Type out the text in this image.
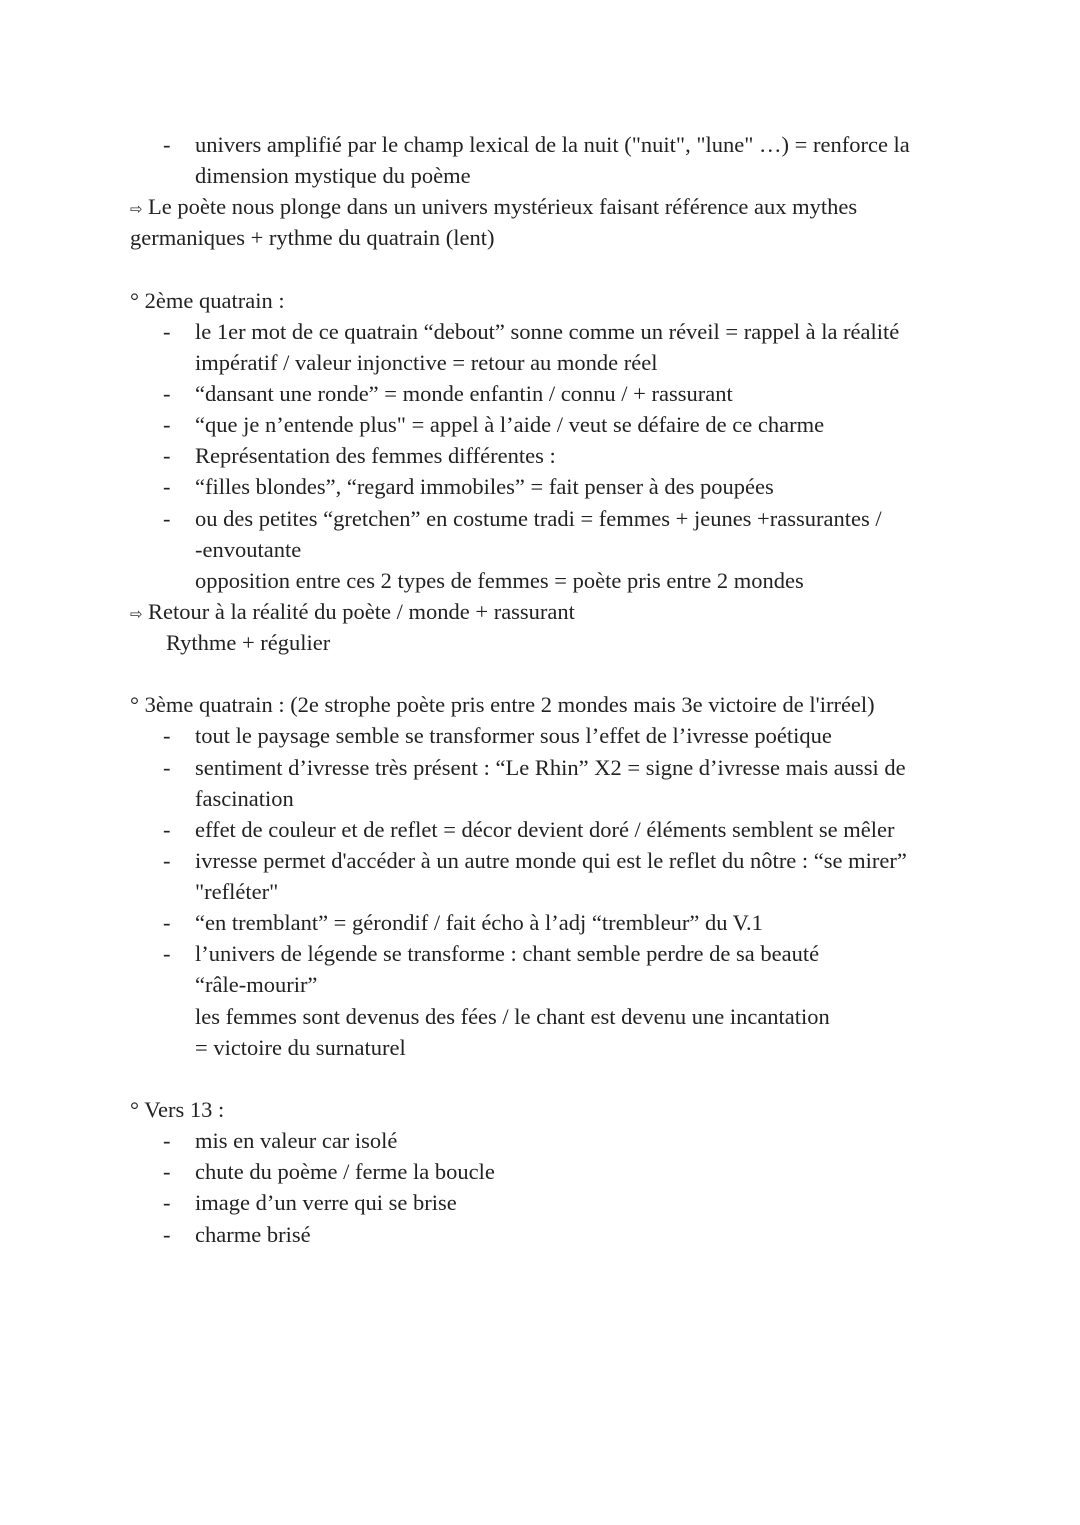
- univers amplifié par le champ lexical de la nuit ("nuit", "lune" …) = renforce la
dimension mystique du poème
⇨ Le poète nous plonge dans un univers mystérieux faisant référence aux mythes
germaniques + rythme du quatrain (lent)
° 2ème quatrain :
- le 1er mot de ce quatrain “debout” sonne comme un réveil = rappel à la réalité
impératif / valeur injonctive = retour au monde réel
- “dansant une ronde” = monde enfantin / connu / + rassurant
- “que je n’entende plus" = appel à l’aide / veut se défaire de ce charme
- Représentation des femmes différentes :
- “filles blondes”, “regard immobiles” = fait penser à des poupées
- ou des petites “gretchen” en costume tradi = femmes + jeunes +rassurantes /
-envoutante
opposition entre ces 2 types de femmes = poète pris entre 2 mondes
⇨ Retour à la réalité du poète / monde + rassurant
Rythme + régulier
° 3ème quatrain : (2e strophe poète pris entre 2 mondes mais 3e victoire de l'irréel)
- tout le paysage semble se transformer sous l’effet de l’ivresse poétique
- sentiment d’ivresse très présent : “Le Rhin” X2 = signe d’ivresse mais aussi de
fascination
- effet de couleur et de reflet = décor devient doré / éléments semblent se mêler
- ivresse permet d'accéder à un autre monde qui est le reflet du nôtre : “se mirer”
"refléter"
- “en tremblant” = gérondif / fait écho à l’adj “trembleur” du V.1
- l’univers de légende se transforme : chant semble perdre de sa beauté
“râle-mourir”
les femmes sont devenus des fées / le chant est devenu une incantation
= victoire du surnaturel
° Vers 13 :
- mis en valeur car isolé
- chute du poème / ferme la boucle
- image d’un verre qui se brise
- charme brisé
